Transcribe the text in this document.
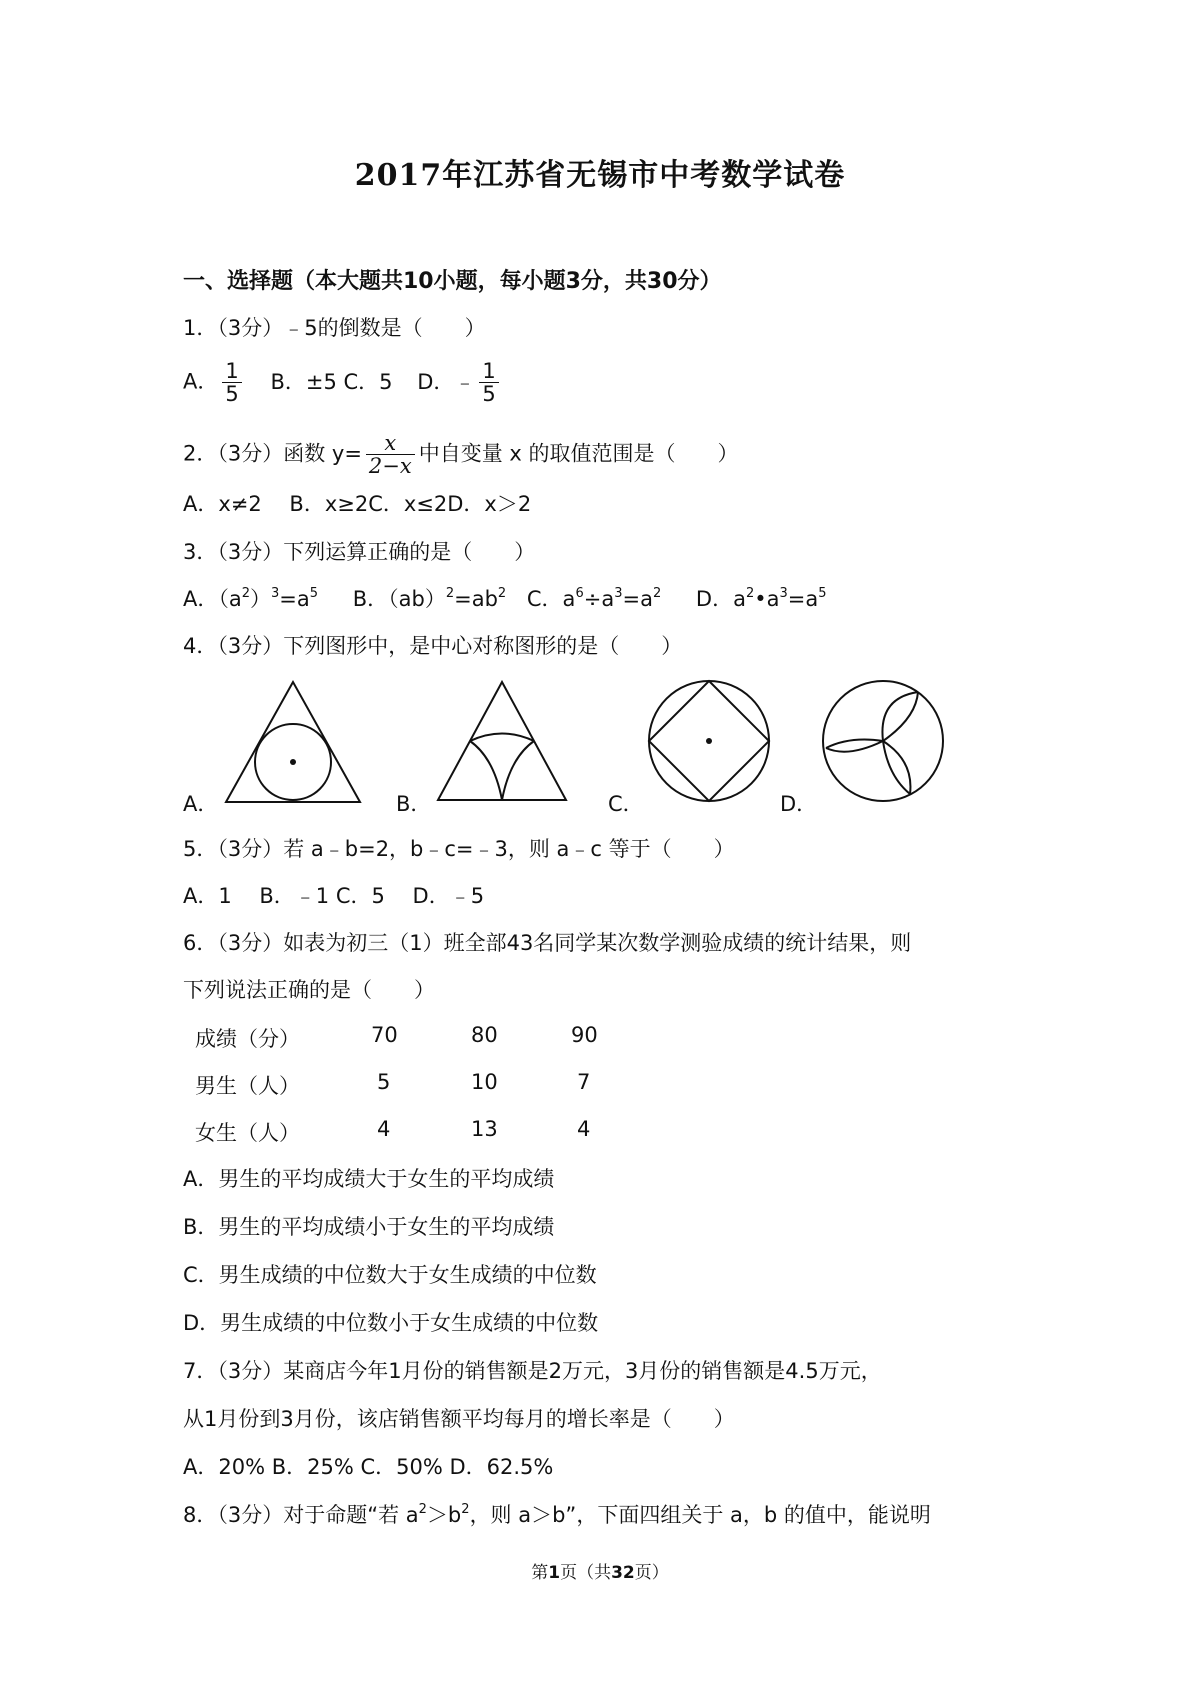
2017年江苏省无锡市中考数学试卷
一、选择题（本大题共10小题，每小题3分，共30分）
1．（3分）﹣5的倒数是（　　）
A． $\frac{1}{5}$ B．±5 C．5 D．﹣ $\frac{1}{5}$
2．（3分）函数 $y= \frac{x}{2-x}$ 中自变量 x 的取值范围是（　　）
A．x≠2　 B．x≥2C．x≤2D．x＞2
3．（3分）下列运算正确的是（　　）
A．$(a^2)^3=a^5$ B．$(ab)^2=ab^2$ C．$a^6\div a^3=a^2$ D．$a^2•a^3=a^5$
4．（3分）下列图形中，是中心对称图形的是（　　）
A．	B．	C．	D．
5．（3分）若 a﹣b=2，b﹣c=﹣3，则 a﹣c 等于（　　）
A．1　 B．﹣1 C．5　 D．﹣5
6．（3分）如表为初三（1）班全部43名同学某次数学测验成绩的统计结果，则
下列说法正确的是（　　）
成绩（分）	70	80	90
男生（人）	5	10	7
女生（人）	4	13	4
A．男生的平均成绩大于女生的平均成绩
B．男生的平均成绩小于女生的平均成绩
C．男生成绩的中位数大于女生成绩的中位数
D．男生成绩的中位数小于女生成绩的中位数
7．（3分）某商店今年1月份的销售额是2万元，3月份的销售额是4.5万元，
从1月份到3月份，该店销售额平均每月的增长率是（　　）
A．20% B．25% C．50% D．62.5%
8．（3分）对于命题“若 $a^2>b^2$，则 a＞b”，下面四组关于 a，b 的值中，能说明
第1页（共32页）
